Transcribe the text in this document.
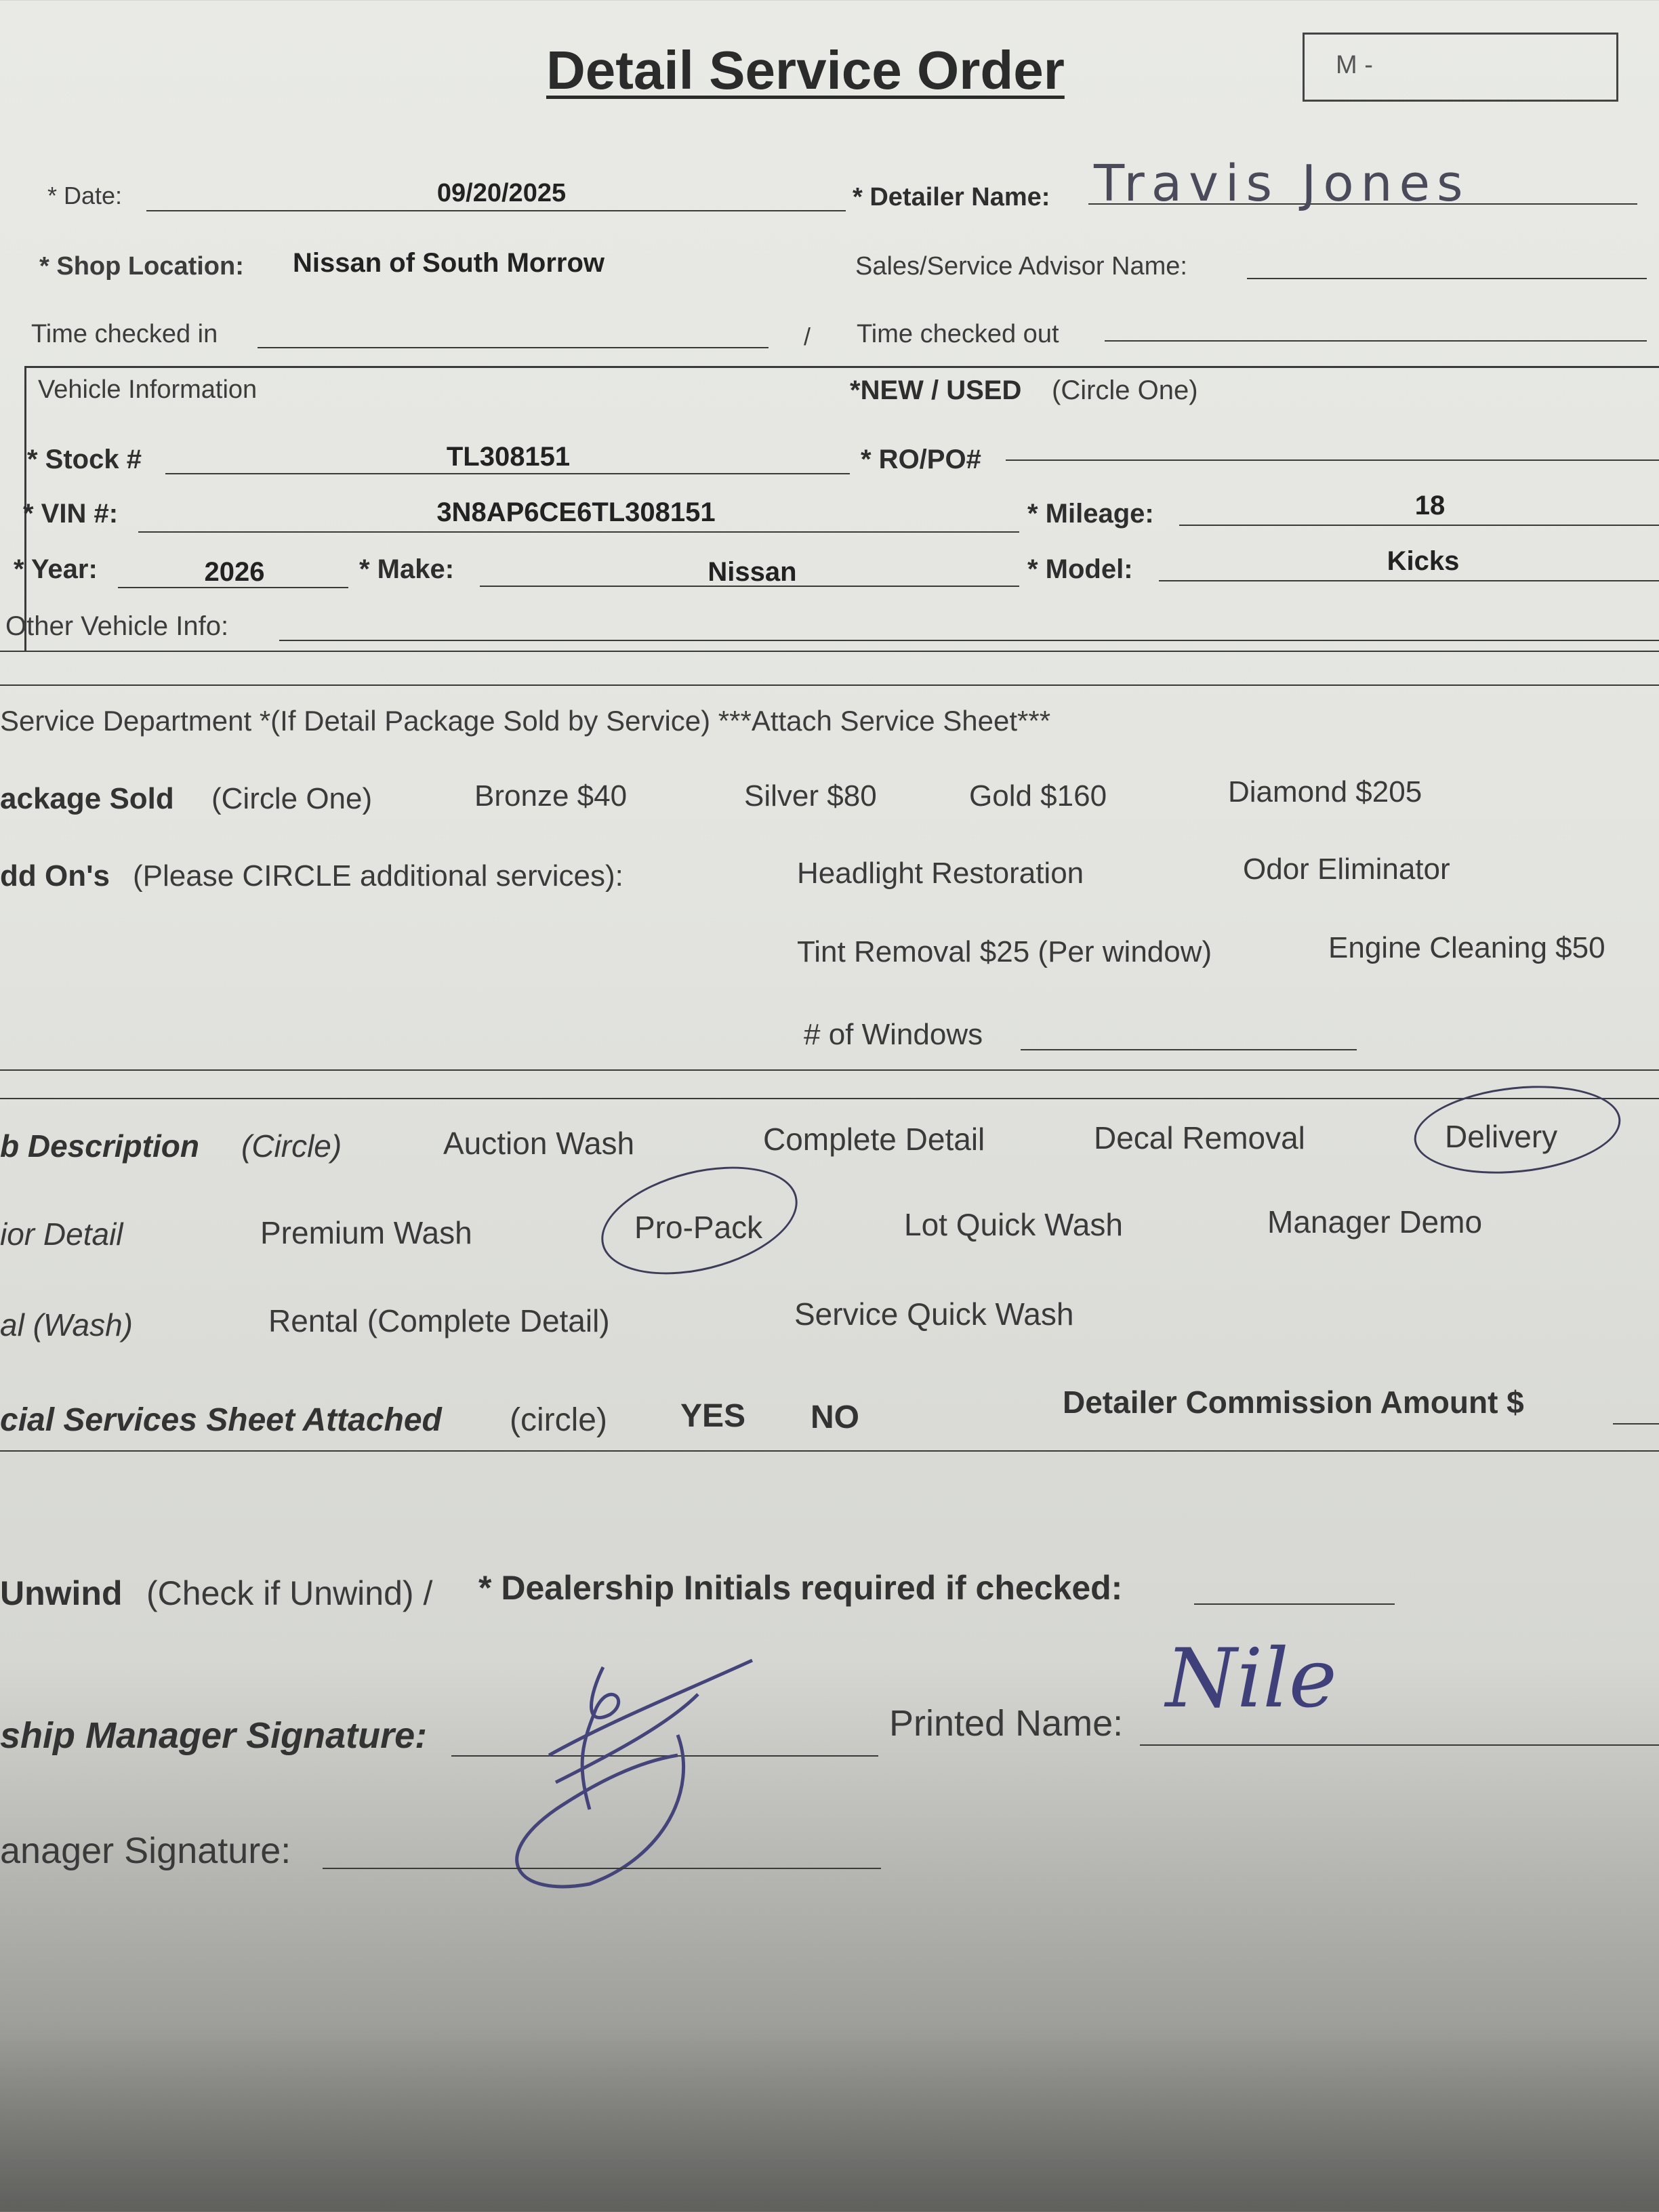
Detail Service Order	M -
* Date:	09/20/2025	* Detailer Name: Travis Jones
* Shop Location: Nissan of South Morrow	Sales/Service Advisor Name:
Time checked in	/ Time checked out
Vehicle Information	*NEW / USED (Circle One)
* Stock #	TL308151	* RO/PO#
* VIN #:	3N8AP6CE6TL308151	* Mileage:	18
* Year:	2026	* Make:	Nissan	* Model:	Kicks
Other Vehicle Info:
Service Department *(If Detail Package Sold by Service) ***Attach Service Sheet***
ackage Sold (Circle One)	Bronze $40	Silver $80	Gold $160	Diamond $205
dd On's (Please CIRCLE additional services):	Headlight Restoration	Odor Eliminator
Tint Removal $25 (Per window)	Engine Cleaning $50
# of Windows
b Description (Circle)	Auction Wash	Complete Detail	Decal Removal	Delivery
ior Detail	Premium Wash	Pro-Pack	Lot Quick Wash	Manager Demo
al (Wash)	Rental (Complete Detail)	Service Quick Wash
cial Services Sheet Attached (circle) YES NO	Detailer Commission Amount $
Unwind (Check if Unwind) / * Dealership Initials required if checked:
ship Manager Signature:	Printed Name: Nile
anager Signature:
